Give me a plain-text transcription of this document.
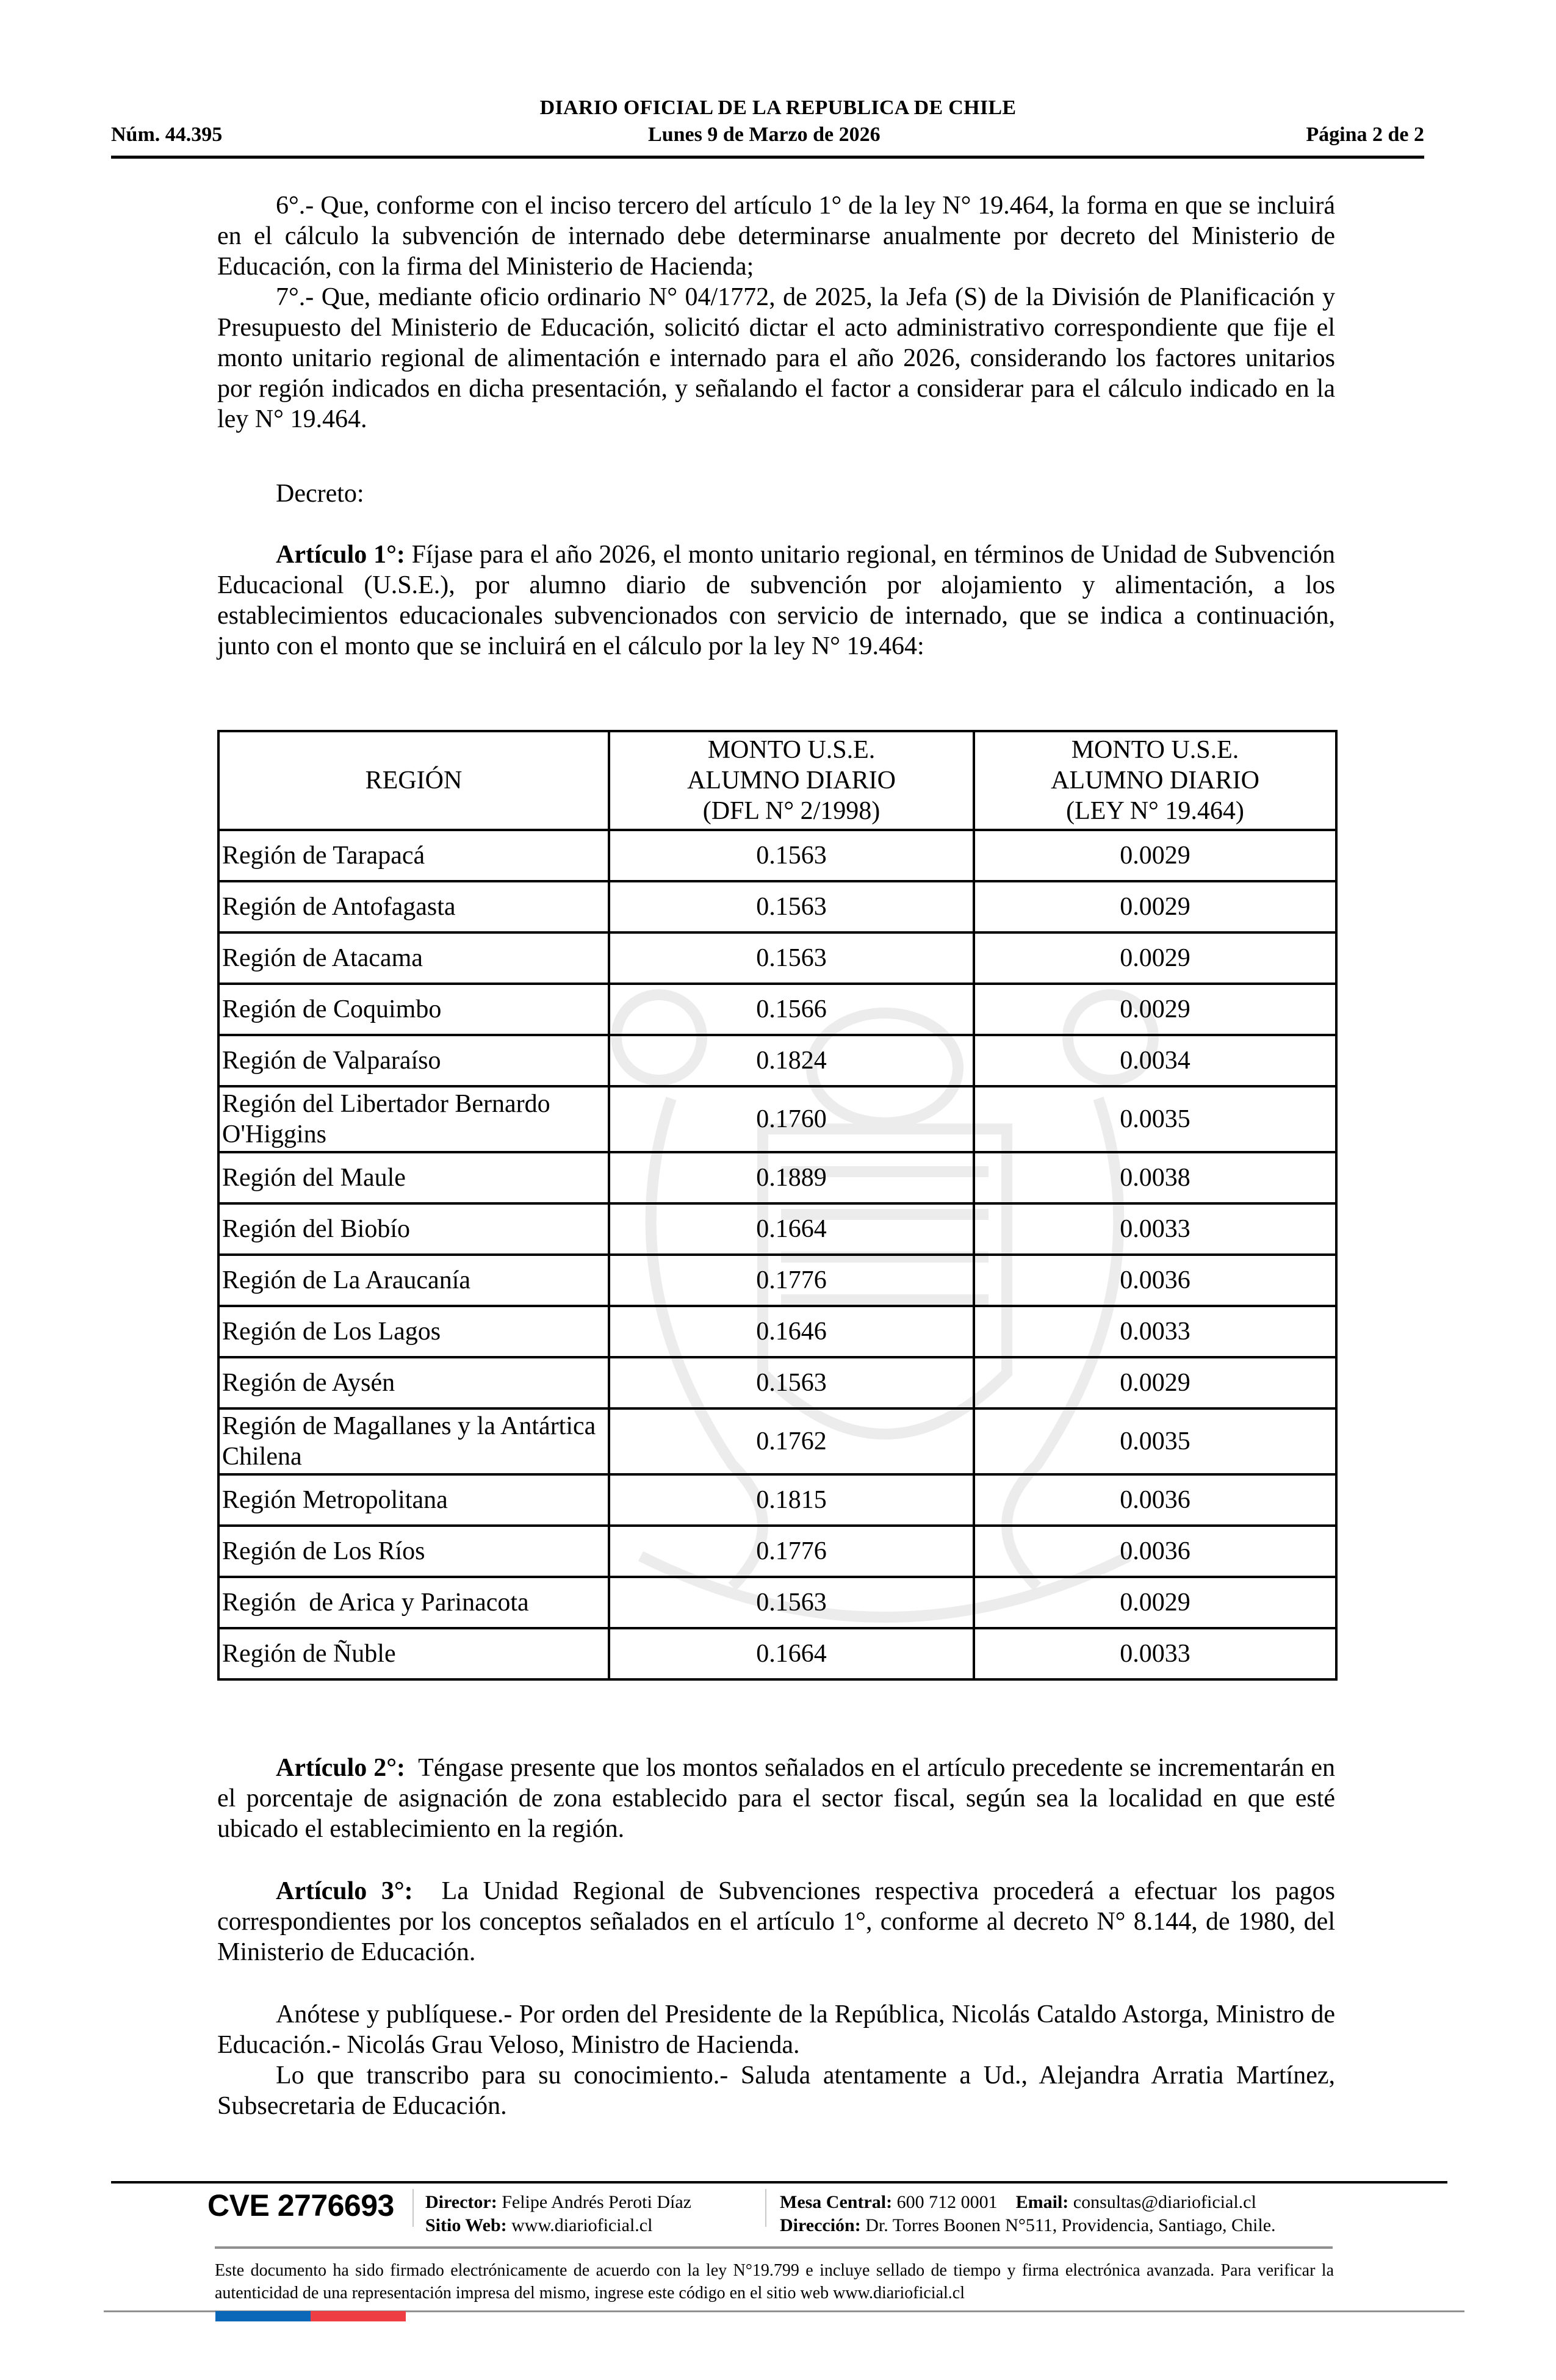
DIARIO OFICIAL DE LA REPUBLICA DE CHILE
Núm. 44.395	Lunes 9 de Marzo de 2026	Página 2 de 2

6°.- Que, conforme con el inciso tercero del artículo 1° de la ley N° 19.464, la forma en que se incluirá en el cálculo la subvención de internado debe determinarse anualmente por decreto del Ministerio de Educación, con la firma del Ministerio de Hacienda;

7°.- Que, mediante oficio ordinario N° 04/1772, de 2025, la Jefa (S) de la División de Planificación y Presupuesto del Ministerio de Educación, solicitó dictar el acto administrativo correspondiente que fije el monto unitario regional de alimentación e internado para el año 2026, considerando los factores unitarios por región indicados en dicha presentación, y señalando el factor a considerar para el cálculo indicado en la ley N° 19.464.

Decreto:

Artículo 1°: Fíjase para el año 2026, el monto unitario regional, en términos de Unidad de Subvención Educacional (U.S.E.), por alumno diario de subvención por alojamiento y alimentación, a los establecimientos educacionales subvencionados con servicio de internado, que se indica a continuación, junto con el monto que se incluirá en el cálculo por la ley N° 19.464:

REGIÓN	
MONTO U.S.E.
ALUMNO DIARIO
(DFL N° 2/1998)

MONTO U.S.E.
ALUMNO DIARIO
(LEY N° 19.464)

Región de Tarapacá	0.1563	0.0029
Región de Antofagasta	0.1563	0.0029
Región de Atacama	0.1563	0.0029
Región de Coquimbo	0.1566	0.0029
Región de Valparaíso	0.1824	0.0034
Región del Libertador Bernardo O'Higgins	0.1760	0.0035
Región del Maule	0.1889	0.0038
Región del Biobío	0.1664	0.0033
Región de La Araucanía	0.1776	0.0036
Región de Los Lagos	0.1646	0.0033
Región de Aysén	0.1563	0.0029
Región de Magallanes y la Antártica Chilena	0.1762	0.0035
Región Metropolitana	0.1815	0.0036
Región de Los Ríos	0.1776	0.0036
Región  de Arica y Parinacota	0.1563	0.0029
Región de Ñuble	0.1664	0.0033

Artículo 2°:  Téngase presente que los montos señalados en el artículo precedente se incrementarán en el porcentaje de asignación de zona establecido para el sector fiscal, según sea la localidad en que esté ubicado el establecimiento en la región.

Artículo 3°:  La Unidad Regional de Subvenciones respectiva procederá a efectuar los pagos correspondientes por los conceptos señalados en el artículo 1°, conforme al decreto N° 8.144, de 1980, del Ministerio de Educación.

Anótese y publíquese.- Por orden del Presidente de la República, Nicolás Cataldo Astorga, Ministro de Educación.- Nicolás Grau Veloso, Ministro de Hacienda.

Lo que transcribo para su conocimiento.- Saluda atentamente a Ud., Alejandra Arratia Martínez, Subsecretaria de Educación.

CVE 2776693 Director: Felipe Andrés Peroti Díaz
Sitio Web: www.diarioficial.cl
Mesa Central: 600 712 0001 Email: consultas@diarioficial.cl
Dirección: Dr. Torres Boonen N°511, Providencia, Santiago, Chile.
Este documento ha sido firmado electrónicamente de acuerdo con la ley N°19.799 e incluye sellado de tiempo y firma electrónica avanzada. Para verificar la autenticidad de una representación impresa del mismo, ingrese este código en el sitio web www.diarioficial.cl
